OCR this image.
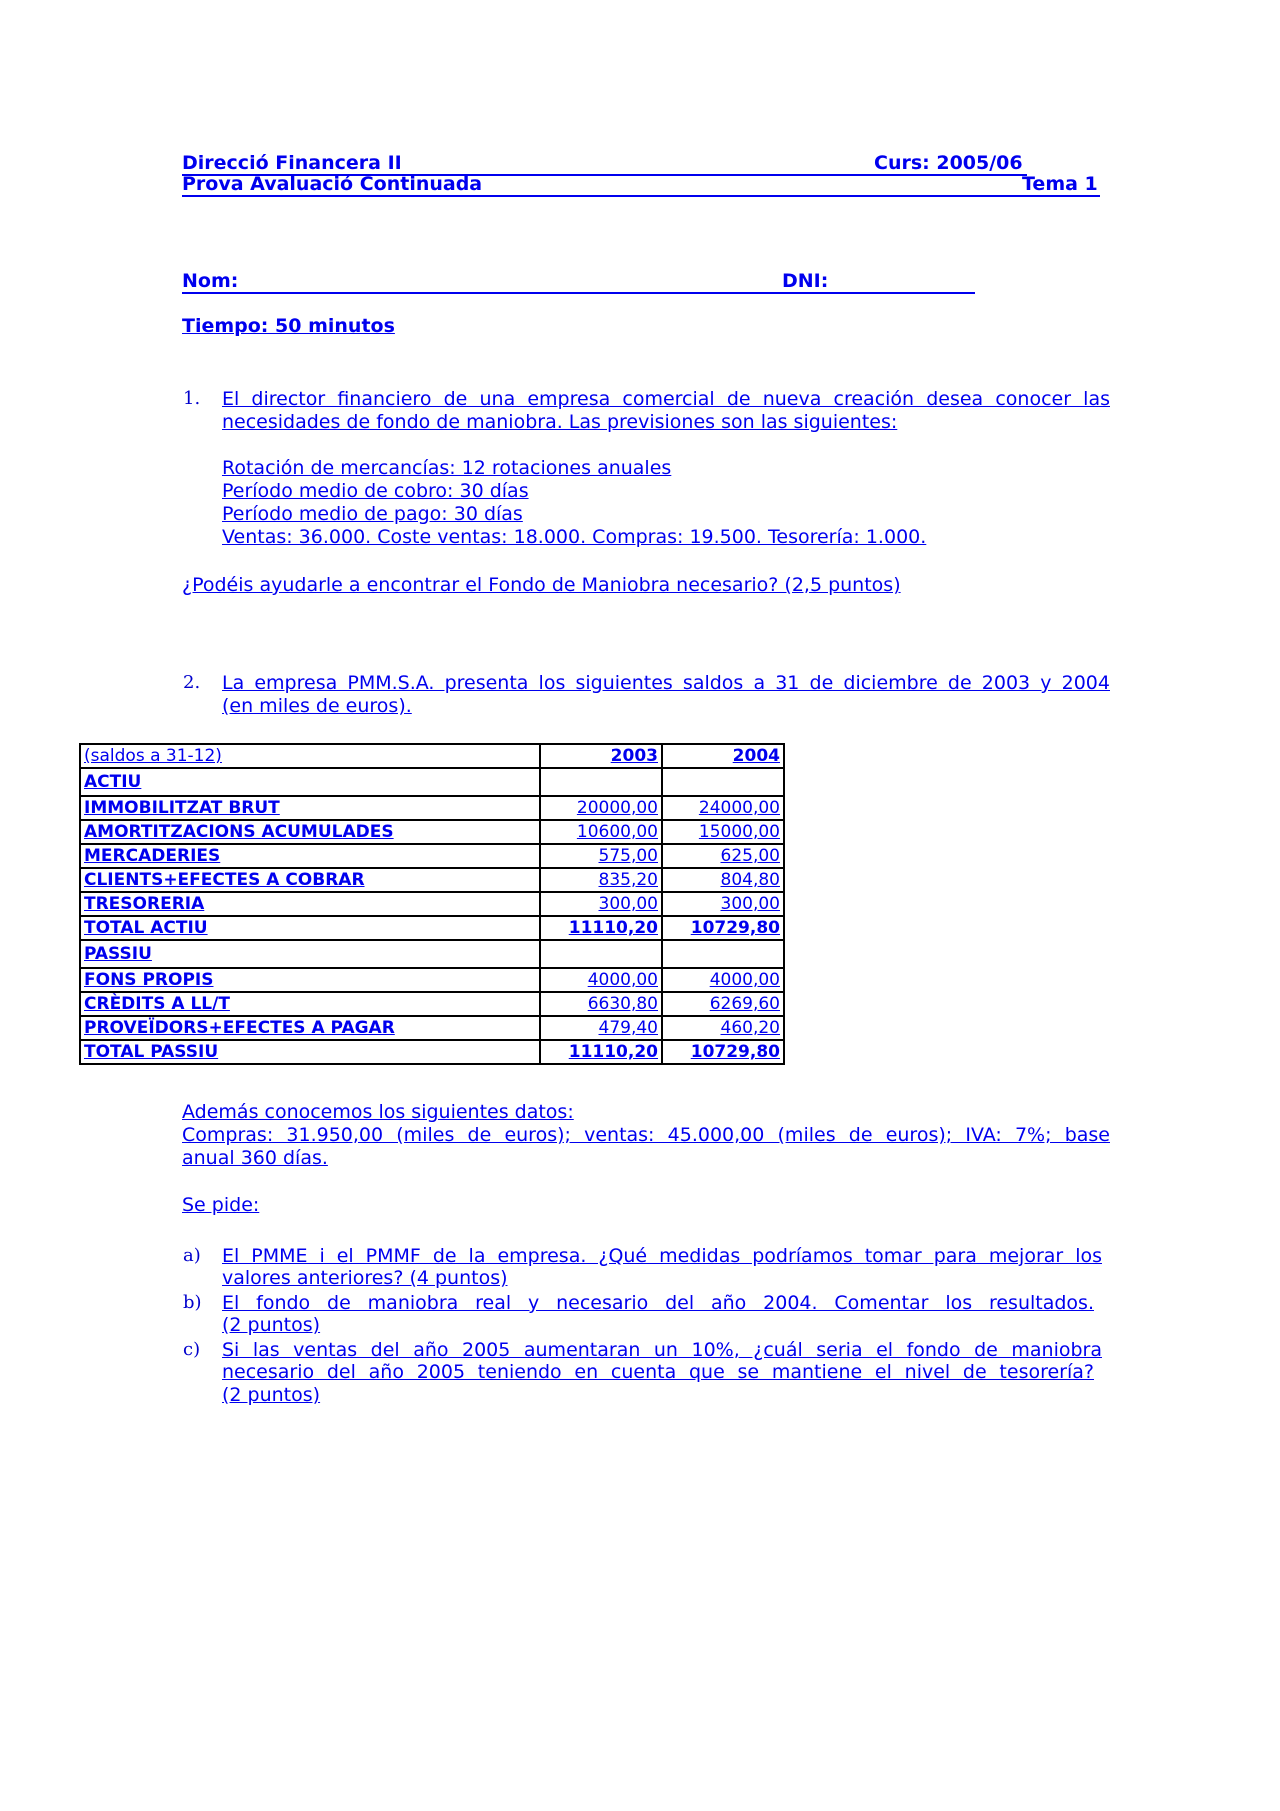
Direcció Financera II	Curs: 2005/06
Prova Avaluació Continuada	Tema 1
Nom:	DNI:
Tiempo: 50 minutos
1. El director financiero de una empresa comercial de nueva creación desea conocer las
necesidades de fondo de maniobra. Las previsiones son las siguientes:
Rotación de mercancías: 12 rotaciones anuales
Período medio de cobro: 30 días
Período medio de pago: 30 días
Ventas: 36.000. Coste ventas: 18.000. Compras: 19.500. Tesorería: 1.000.
¿Podéis ayudarle a encontrar el Fondo de Maniobra necesario? (2,5 puntos)
2. La empresa PMM.S.A. presenta los siguientes saldos a 31 de diciembre de 2003 y 2004
(en miles de euros).
(saldos a 31-12)	2003	2004
ACTIU		
IMMOBILITZAT BRUT	20000,00	24000,00
AMORTITZACIONS ACUMULADES	10600,00	15000,00
MERCADERIES	575,00	625,00
CLIENTS+EFECTES A COBRAR	835,20	804,80
TRESORERIA	300,00	300,00
TOTAL ACTIU	11110,20	10729,80
PASSIU		
FONS PROPIS	4000,00	4000,00
CRÈDITS A LL/T	6630,80	6269,60
PROVEÏDORS+EFECTES A PAGAR	479,40	460,20
TOTAL PASSIU	11110,20	10729,80
Además conocemos los siguientes datos:
Compras: 31.950,00 (miles de euros); ventas: 45.000,00 (miles de euros); IVA: 7%; base
anual 360 días.
Se pide:
a) El PMME i el PMMF de la empresa. ¿Qué medidas podríamos tomar para mejorar los
valores anteriores? (4 puntos)
b) El fondo de maniobra real y necesario del año 2004. Comentar los resultados.
(2 puntos)
c) Si las ventas del año 2005 aumentaran un 10%, ¿cuál seria el fondo de maniobra
necesario del año 2005 teniendo en cuenta que se mantiene el nivel de tesorería?
(2 puntos)
